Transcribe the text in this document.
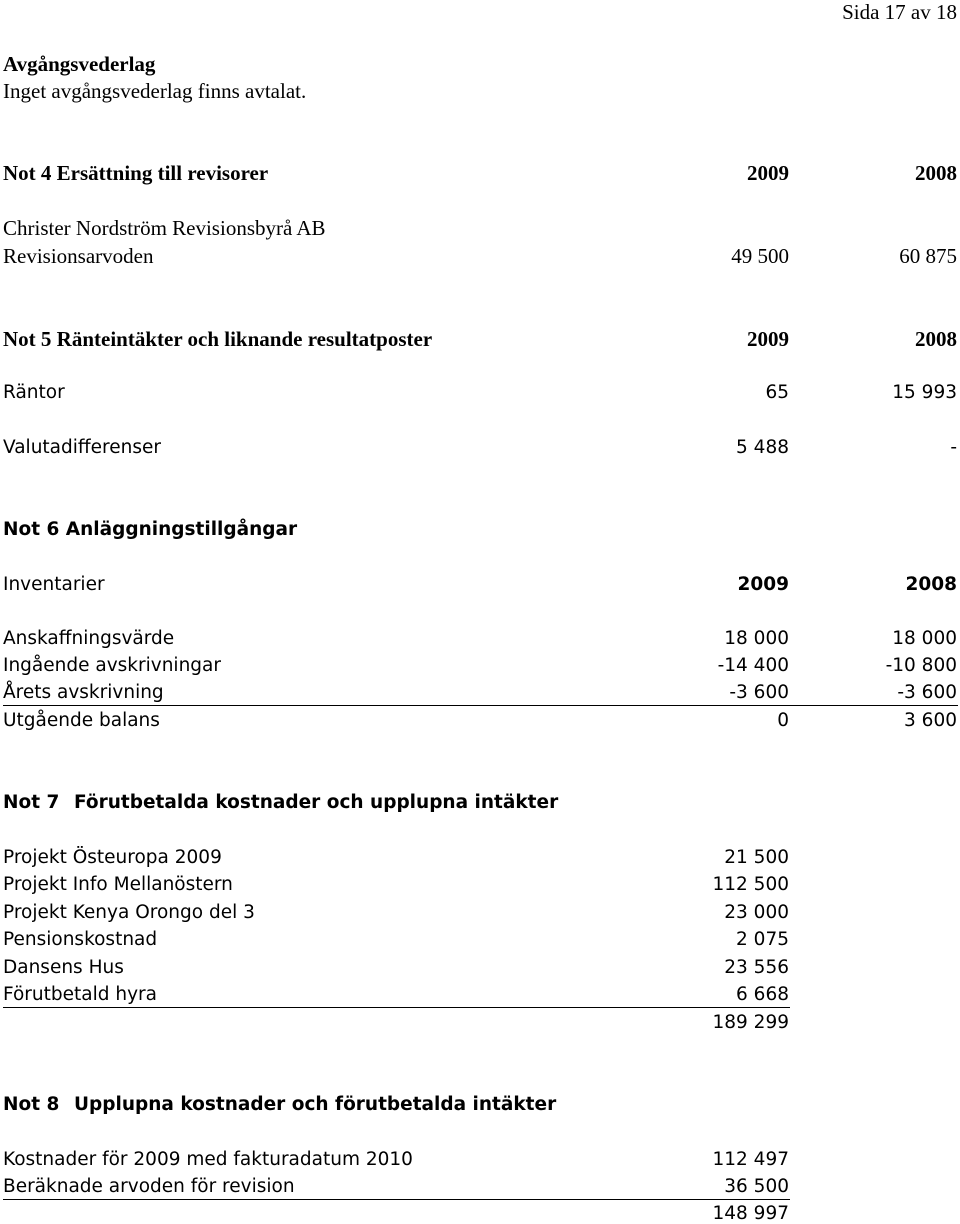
Sida 17 av 18
Avgångsvederlag
Inget avgångsvederlag finns avtalat.
Not 4 Ersättning till revisorer	2009	2008
Christer Nordström Revisionsbyrå AB
Revisionsarvoden	49 500	60 875
Not 5 Ränteintäkter och liknande resultatposter	2009	2008
Räntor	65	15 993
Valutadifferenser	5 488	-
Not 6 Anläggningstillgångar
Inventarier	2009	2008
Anskaffningsvärde	18 000	18 000
Ingående avskrivningar	-14 400	-10 800
Årets avskrivning	-3 600	-3 600
Utgående balans	0	3 600
Not 7 Förutbetalda kostnader och upplupna intäkter
Projekt Östeuropa 2009	21 500
Projekt Info Mellanöstern	112 500
Projekt Kenya Orongo del 3	23 000
Pensionskostnad	2 075
Dansens Hus	23 556
Förutbetald hyra	6 668
189 299
Not 8 Upplupna kostnader och förutbetalda intäkter
Kostnader för 2009 med fakturadatum 2010	112 497
Beräknade arvoden för revision	36 500
148 997
